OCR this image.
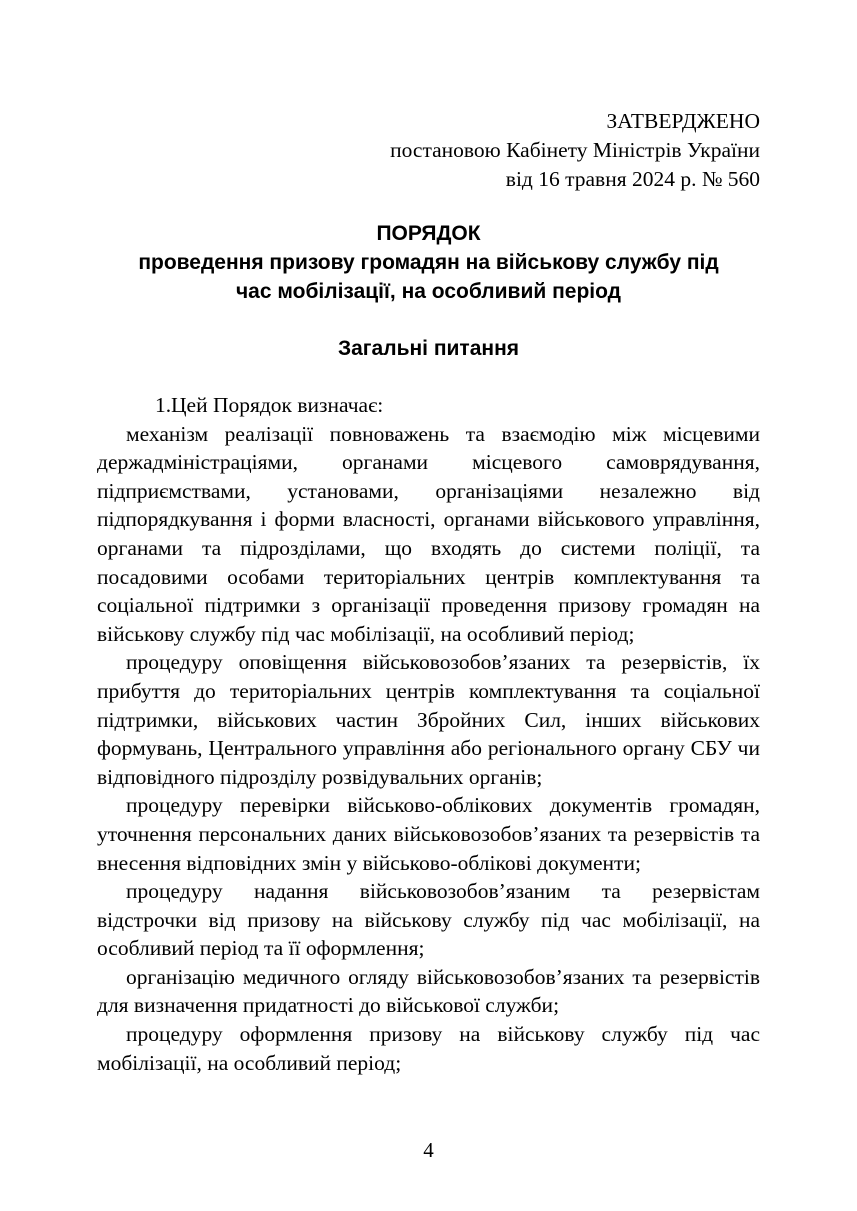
ЗАТВЕРДЖЕНО
постановою Кабінету Міністрів України
від 16 травня 2024 р. № 560
ПОРЯДОК
проведення призову громадян на військову службу під
час мобілізації, на особливий період
Загальні питання

1.Цей Порядок визначає:

механізм реалізації повноважень та взаємодію між місцевими держадміністраціями, органами місцевого самоврядування, підприємствами, установами, організаціями незалежно від підпорядкування і форми власності, органами військового управління, органами та підрозділами, що входять до системи поліції, та посадовими особами територіальних центрів комплектування та соціальної підтримки з організації проведення призову громадян на військову службу під час мобілізації, на особливий період;

процедуру оповіщення військовозобов’язаних та резервістів, їх прибуття до територіальних центрів комплектування та соціальної підтримки, військових частин Збройних Сил, інших військових формувань, Центрального управління або регіонального органу СБУ чи відповідного підрозділу розвідувальних органів;

процедуру перевірки військово-облікових документів громадян, уточнення персональних даних військовозобов’язаних та резервістів та внесення відповідних змін у військово-облікові документи;

процедуру надання військовозобов’язаним та резервістам відстрочки від призову на військову службу під час мобілізації, на особливий період та її оформлення;

організацію медичного огляду військовозобов’язаних та резервістів для визначення придатності до військової служби;

процедуру оформлення призову на військову службу під час мобілізації, на особливий період;

4
